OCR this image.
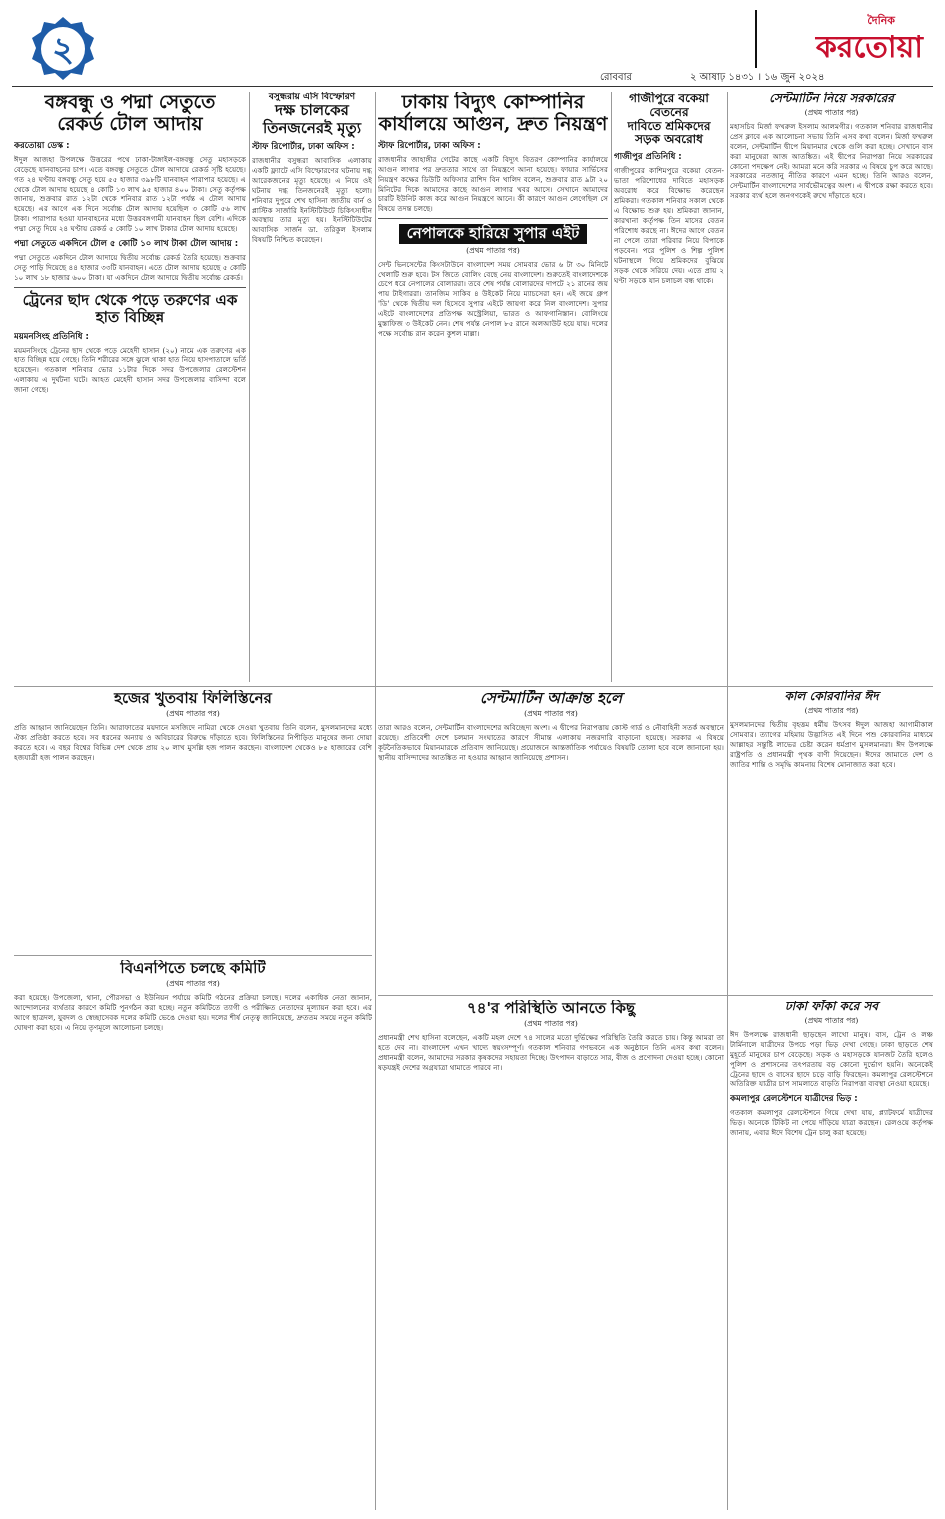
২
দৈনিক
করতোয়া
রোববার	২ আষাঢ় ১৪৩১ । ১৬ জুন ২০২৪
বঙ্গবন্ধু ও পদ্মা সেতুতে
রেকর্ড টোল আদায়
করতোয়া ডেস্ক :
ঈদুল আজহা উপলক্ষে উত্তরের পথে ঢাকা-টাঙ্গাইল-বঙ্গবন্ধু সেতু মহাসড়কে বেড়েছে যানবাহনের চাপ। এতে বঙ্গবন্ধু সেতুতে টোল আদায়ে রেকর্ড সৃষ্টি হয়েছে। গত ২৪ ঘণ্টায় বঙ্গবন্ধু সেতু হয়ে ৫৫ হাজার ৩৯৮টি যানবাহন পারাপার হয়েছে। এ থেকে টোল আদায় হয়েছে ৪ কোটি ১৩ লাখ ৯৫ হাজার ৪০০ টাকা। সেতু কর্তৃপক্ষ জানায়, শুক্রবার রাত ১২টা থেকে শনিবার রাত ১২টা পর্যন্ত এ টোল আদায় হয়েছে। এর আগে এক দিনে সর্বোচ্চ টোল আদায় হয়েছিল ৩ কোটি ৫৬ লাখ টাকা। পারাপার হওয়া যানবাহনের মধ্যে উত্তরবঙ্গগামী যানবাহন ছিল বেশি। এদিকে পদ্মা সেতু দিয়ে ২৪ ঘণ্টায় রেকর্ড ৫ কোটি ১০ লাখ টাকার টোল আদায় হয়েছে।
পদ্মা সেতুতে একদিনে টোল ৫ কোটি ১০ লাখ টাকা টোল আদায় :
পদ্মা সেতুতে একদিনে টোল আদায়ে দ্বিতীয় সর্বোচ্চ রেকর্ড তৈরি হয়েছে। শুক্রবার সেতু পাড়ি দিয়েছে ৪৪ হাজার ৩৩টি যানবাহন। এতে টোল আদায় হয়েছে ৫ কোটি ১০ লাখ ১৮ হাজার ৬০০ টাকা। যা একদিনে টোল আদায়ে দ্বিতীয় সর্বোচ্চ রেকর্ড।
ট্রেনের ছাদ থেকে পড়ে তরুণের এক হাত বিচ্ছিন্ন
ময়মনসিংহ প্রতিনিধি :
ময়মনসিংহে ট্রেনের ছাদ থেকে পড়ে মেহেদী হাসান (২০) নামে এক তরুণের এক হাত বিচ্ছিন্ন হয়ে গেছে। তিনি শরীরের সঙ্গে ঝুলে থাকা হাত নিয়ে হাসপাতালে ভর্তি হয়েছেন। গতকাল শনিবার ভোর ১১টার দিকে সদর উপজেলার রেলস্টেশন এলাকায় এ দুর্ঘটনা ঘটে। আহত মেহেদী হাসান সদর উপজেলার বাসিন্দা বলে জানা গেছে।
বসুন্ধরায় এসি বিস্ফোরণ
দক্ষ চালকের তিনজনেরই মৃত্যু
স্টাফ রিপোর্টার, ঢাকা অফিস :
রাজধানীর বসুন্ধরা আবাসিক এলাকায় একটি ফ্ল্যাটে এসি বিস্ফোরণের ঘটনায় দগ্ধ আরেকজনের মৃত্যু হয়েছে। এ নিয়ে ওই ঘটনায় দগ্ধ তিনজনেরই মৃত্যু হলো। শনিবার দুপুরে শেখ হাসিনা জাতীয় বার্ন ও প্লাস্টিক সার্জারি ইনস্টিটিউটে চিকিৎসাধীন অবস্থায় তার মৃত্যু হয়। ইনস্টিটিউটের আবাসিক সার্জন ডা. তরিকুল ইসলাম বিষয়টি নিশ্চিত করেছেন।
ঢাকায় বিদ্যুৎ কোম্পানির
কার্যালয়ে আগুন, দ্রুত নিয়ন্ত্রণ
স্টাফ রিপোর্টার, ঢাকা অফিস :
রাজধানীর জাহাঙ্গীর গেটের কাছে একটি বিদ্যুৎ বিতরণ কোম্পানির কার্যালয়ে আগুন লাগার পর দ্রুততার সাথে তা নিয়ন্ত্রণে আনা হয়েছে। ফায়ার সার্ভিসের নিয়ন্ত্রণ কক্ষের ডিউটি অফিসার রাশিদ বিন খালিদ বলেন, শুক্রবার রাত ৯টা ২০ মিনিটের দিকে আমাদের কাছে আগুন লাগার খবর আসে। সেখানে আমাদের চারটি ইউনিট কাজ করে আগুন নিয়ন্ত্রণে আনে। কী কারণে আগুন লেগেছিল সে বিষয়ে তদন্ত চলছে।
নেপালকে হারিয়ে সুপার এইট
(প্রথম পাতার পর)
সেন্ট ভিনসেন্টের কিংসটাউনে বাংলাদেশ সময় সোমবার ভোর ৬ টা ৩০ মিনিটে খেলাটি শুরু হবে। টস জিতে বোলিং বেছে নেয় বাংলাদেশ। শুরুতেই বাংলাদেশকে চেপে ধরে নেপালের বোলাররা। তবে শেষ পর্যন্ত বোলারদের দাপটে ২১ রানের জয় পায় টাইগাররা। তানজিম সাকিব ৪ উইকেট নিয়ে ম্যাচসেরা হন। এই জয়ে গ্রুপ 'ডি' থেকে দ্বিতীয় দল হিসেবে সুপার এইটে জায়গা করে নিল বাংলাদেশ। সুপার এইটে বাংলাদেশের প্রতিপক্ষ অস্ট্রেলিয়া, ভারত ও আফগানিস্তান। বোলিংয়ে মুস্তাফিজ ৩ উইকেট নেন। শেষ পর্যন্ত নেপাল ৮৫ রানে অলআউট হয়ে যায়। দলের পক্ষে সর্বোচ্চ রান করেন কুশল মাল্লা।
গাজীপুরে বকেয়া বেতনের
দাবিতে শ্রমিকদের
সড়ক অবরোধ
গাজীপুর প্রতিনিধি :
গাজীপুরের কাশিমপুরে বকেয়া বেতন-ভাতা পরিশোধের দাবিতে মহাসড়ক অবরোধ করে বিক্ষোভ করেছেন শ্রমিকরা। গতকাল শনিবার সকাল থেকে এ বিক্ষোভ শুরু হয়। শ্রমিকরা জানান, কারখানা কর্তৃপক্ষ তিন মাসের বেতন পরিশোধ করছে না। ঈদের আগে বেতন না পেলে তারা পরিবার নিয়ে বিপাকে পড়বেন। পরে পুলিশ ও শিল্প পুলিশ ঘটনাস্থলে গিয়ে শ্রমিকদের বুঝিয়ে সড়ক থেকে সরিয়ে দেয়। এতে প্রায় ২ ঘণ্টা সড়কে যান চলাচল বন্ধ থাকে।
সেন্টমার্টিন নিয়ে সরকারের
(প্রথম পাতার পর)
মহাসচিব মির্জা ফখরুল ইসলাম আলমগীর। গতকাল শনিবার রাজধানীর প্রেস ক্লাবে এক আলোচনা সভায় তিনি এসব কথা বলেন। মির্জা ফখরুল বলেন, সেন্টমার্টিন দ্বীপে মিয়ানমার থেকে গুলি করা হচ্ছে। সেখানে বাস করা মানুষেরা আজ আতঙ্কিত। এই দ্বীপের নিরাপত্তা নিয়ে সরকারের কোনো পদক্ষেপ নেই। আমরা মনে করি সরকার এ বিষয়ে চুপ করে আছে। সরকারের নতজানু নীতির কারণে এমন হচ্ছে। তিনি আরও বলেন, সেন্টমার্টিন বাংলাদেশের সার্বভৌমত্বের অংশ। এ দ্বীপকে রক্ষা করতে হবে। সরকার ব্যর্থ হলে জনগণকেই রুখে দাঁড়াতে হবে।
হজের খুতবায় ফিলিস্তিনের
(প্রথম পাতার পর)
প্রতি আহ্বান জানিয়েছেন তিনি। আরাফাতের ময়দানে মসজিদে নামিরা থেকে দেওয়া খুতবায় তিনি বলেন, মুসলমানদের মধ্যে ঐক্য প্রতিষ্ঠা করতে হবে। সব ধরনের অন্যায় ও অবিচারের বিরুদ্ধে দাঁড়াতে হবে। ফিলিস্তিনের নিপীড়িত মানুষের জন্য দোয়া করতে হবে। এ বছর বিশ্বের বিভিন্ন দেশ থেকে প্রায় ২০ লাখ মুসল্লি হজ পালন করছেন। বাংলাদেশ থেকেও ৮৫ হাজারের বেশি হজযাত্রী হজ পালন করছেন।
সেন্টমার্টিন আক্রান্ত হলে
(প্রথম পাতার পর)
তারা আরও বলেন, সেন্টমার্টিন বাংলাদেশের অবিচ্ছেদ্য অংশ। এ দ্বীপের নিরাপত্তায় কোস্ট গার্ড ও নৌবাহিনী সতর্ক অবস্থানে রয়েছে। প্রতিবেশী দেশে চলমান সংঘাতের কারণে সীমান্ত এলাকায় নজরদারি বাড়ানো হয়েছে। সরকার এ বিষয়ে কূটনৈতিকভাবে মিয়ানমারকে প্রতিবাদ জানিয়েছে। প্রয়োজনে আন্তর্জাতিক পর্যায়েও বিষয়টি তোলা হবে বলে জানানো হয়। স্থানীয় বাসিন্দাদের আতঙ্কিত না হওয়ার আহ্বান জানিয়েছে প্রশাসন।
কাল কোরবানির ঈদ
(প্রথম পাতার পর)
মুসলমানদের দ্বিতীয় বৃহত্তম ধর্মীয় উৎসব ঈদুল আজহা আগামীকাল সোমবার। ত্যাগের মহিমায় উদ্ভাসিত এই দিনে পশু কোরবানির মাধ্যমে আল্লাহর সন্তুষ্টি লাভের চেষ্টা করেন ধর্মপ্রাণ মুসলমানরা। ঈদ উপলক্ষে রাষ্ট্রপতি ও প্রধানমন্ত্রী পৃথক বাণী দিয়েছেন। ঈদের জামাতে দেশ ও জাতির শান্তি ও সমৃদ্ধি কামনায় বিশেষ মোনাজাত করা হবে।
বিএনপিতে চলছে কমিটি
(প্রথম পাতার পর)
করা হয়েছে। উপজেলা, থানা, পৌরসভা ও ইউনিয়ন পর্যায়ে কমিটি গঠনের প্রক্রিয়া চলছে। দলের একাধিক নেতা জানান, আন্দোলনের ব্যর্থতার কারণে কমিটি পুনর্গঠন করা হচ্ছে। নতুন কমিটিতে ত্যাগী ও পরীক্ষিত নেতাদের মূল্যায়ন করা হবে। এর আগে ছাত্রদল, যুবদল ও স্বেচ্ছাসেবক দলের কমিটি ভেঙে দেওয়া হয়। দলের শীর্ষ নেতৃত্ব জানিয়েছে, দ্রুততম সময়ে নতুন কমিটি ঘোষণা করা হবে। এ নিয়ে তৃণমূলে আলোচনা চলছে।
৭৪'র পরিস্থিতি আনতে কিছু
(প্রথম পাতার পর)
প্রধানমন্ত্রী শেখ হাসিনা বলেছেন, একটি মহল দেশে ৭৪ সালের মতো দুর্ভিক্ষের পরিস্থিতি তৈরি করতে চায়। কিন্তু আমরা তা হতে দেব না। বাংলাদেশ এখন খাদ্যে স্বয়ংসম্পূর্ণ। গতকাল শনিবার গণভবনে এক অনুষ্ঠানে তিনি এসব কথা বলেন। প্রধানমন্ত্রী বলেন, আমাদের সরকার কৃষকদের সহায়তা দিচ্ছে। উৎপাদন বাড়াতে সার, বীজ ও প্রণোদনা দেওয়া হচ্ছে। কোনো ষড়যন্ত্রই দেশের অগ্রযাত্রা থামাতে পারবে না।
ঢাকা ফাঁকা করে সব
(প্রথম পাতার পর)
ঈদ উপলক্ষে রাজধানী ছাড়ছেন লাখো মানুষ। বাস, ট্রেন ও লঞ্চ টার্মিনালে যাত্রীদের উপচে পড়া ভিড় দেখা গেছে। ঢাকা ছাড়তে শেষ মুহূর্তে মানুষের চাপ বেড়েছে। সড়ক ও মহাসড়কে যানজট তৈরি হলেও পুলিশ ও প্রশাসনের তৎপরতায় বড় কোনো দুর্ভোগ হয়নি। অনেকেই ট্রেনের ছাদে ও বাসের ছাদে চড়ে বাড়ি ফিরছেন। কমলাপুর রেলস্টেশনে অতিরিক্ত যাত্রীর চাপ সামলাতে বাড়তি নিরাপত্তা ব্যবস্থা নেওয়া হয়েছে।
কমলাপুর রেলস্টেশনে যাত্রীদের ভিড় :
গতকাল কমলাপুর রেলস্টেশনে গিয়ে দেখা যায়, প্ল্যাটফর্মে যাত্রীদের ভিড়। অনেকে টিকিট না পেয়ে দাঁড়িয়ে যাত্রা করছেন। রেলওয়ে কর্তৃপক্ষ জানায়, এবার ঈদে বিশেষ ট্রেন চালু করা হয়েছে।
